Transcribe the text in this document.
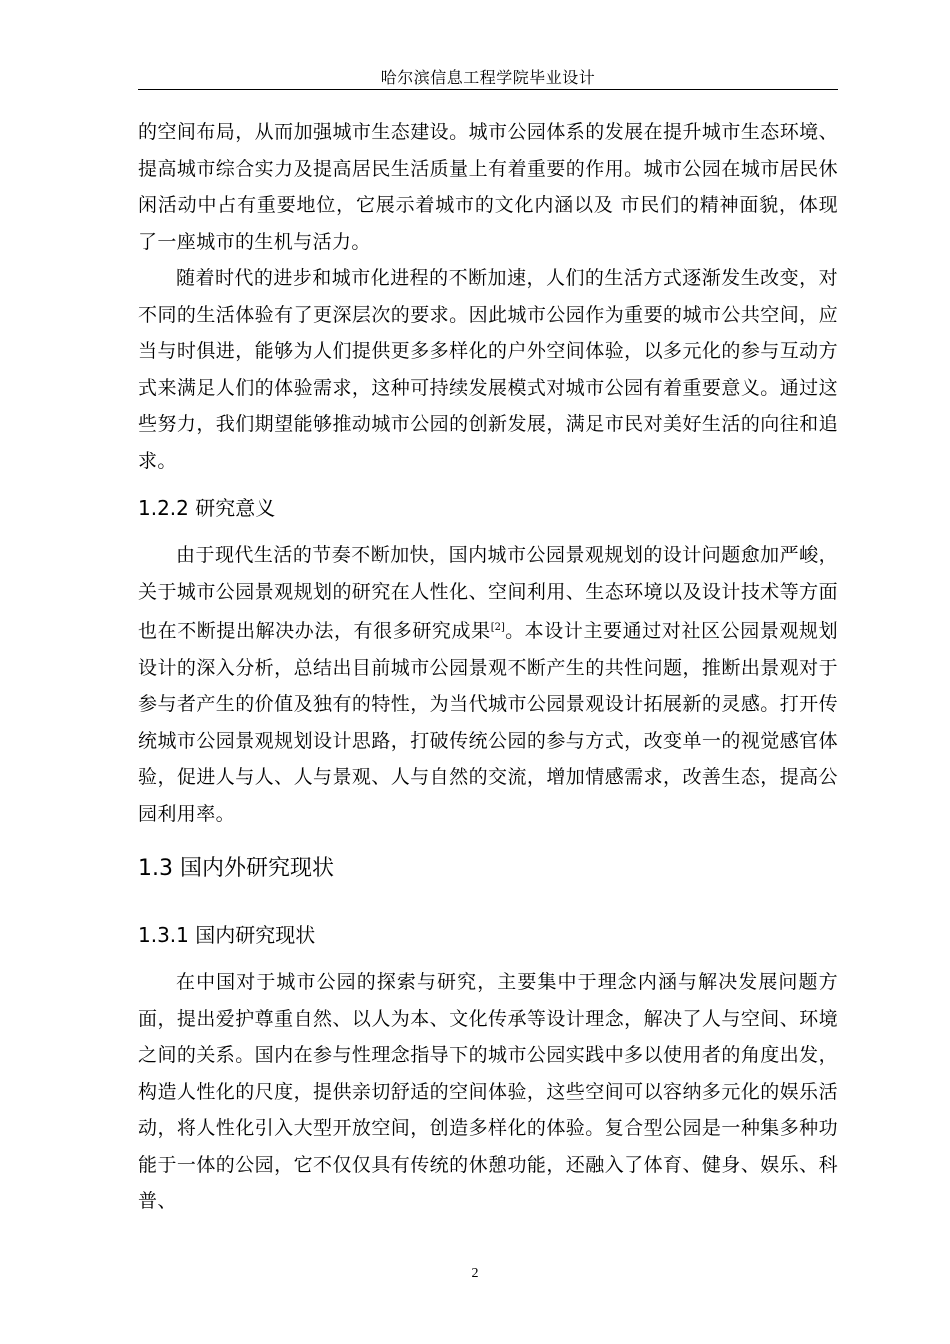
哈尔滨信息工程学院毕业设计

的空间布局，从而加强城市生态建设。城市公园体系的发展在提升城市生态环境、提高城市综合实力及提高居民生活质量上有着重要的作用。城市公园在城市居民休闲活动中占有重要地位，它展示着城市的文化内涵以及 市民们的精神面貌，体现了一座城市的生机与活力。

随着时代的进步和城市化进程的不断加速，人们的生活方式逐渐发生改变，对不同的生活体验有了更深层次的要求。因此城市公园作为重要的城市公共空间，应当与时俱进，能够为人们提供更多多样化的户外空间体验，以多元化的参与互动方式来满足人们的体验需求，这种可持续发展模式对城市公园有着重要意义。通过这些努力，我们期望能够推动城市公园的创新发展，满足市民对美好生活的向往和追求。

1.2.2 研究意义

由于现代生活的节奏不断加快，国内城市公园景观规划的设计问题愈加严峻，关于城市公园景观规划的研究在人性化、空间利用、生态环境以及设计技术等方面也在不断提出解决办法，有很多研究成果[2]。本设计主要通过对社区公园景观规划设计的深入分析，总结出目前城市公园景观不断产生的共性问题，推断出景观对于参与者产生的价值及独有的特性，为当代城市公园景观设计拓展新的灵感。打开传统城市公园景观规划设计思路，打破传统公园的参与方式，改变单一的视觉感官体验，促进人与人、人与景观、人与自然的交流，增加情感需求，改善生态，提高公园利用率。

1.3 国内外研究现状
1.3.1 国内研究现状

在中国对于城市公园的探索与研究，主要集中于理念内涵与解决发展问题方面，提出爱护尊重自然、以人为本、文化传承等设计理念，解决了人与空间、环境之间的关系。国内在参与性理念指导下的城市公园实践中多以使用者的角度出发，构造人性化的尺度，提供亲切舒适的空间体验，这些空间可以容纳多元化的娱乐活动，将人性化引入大型开放空间，创造多样化的体验。复合型公园是一种集多种功能于一体的公园，它不仅仅具有传统的休憩功能，还融入了体育、健身、娱乐、科普、

2
